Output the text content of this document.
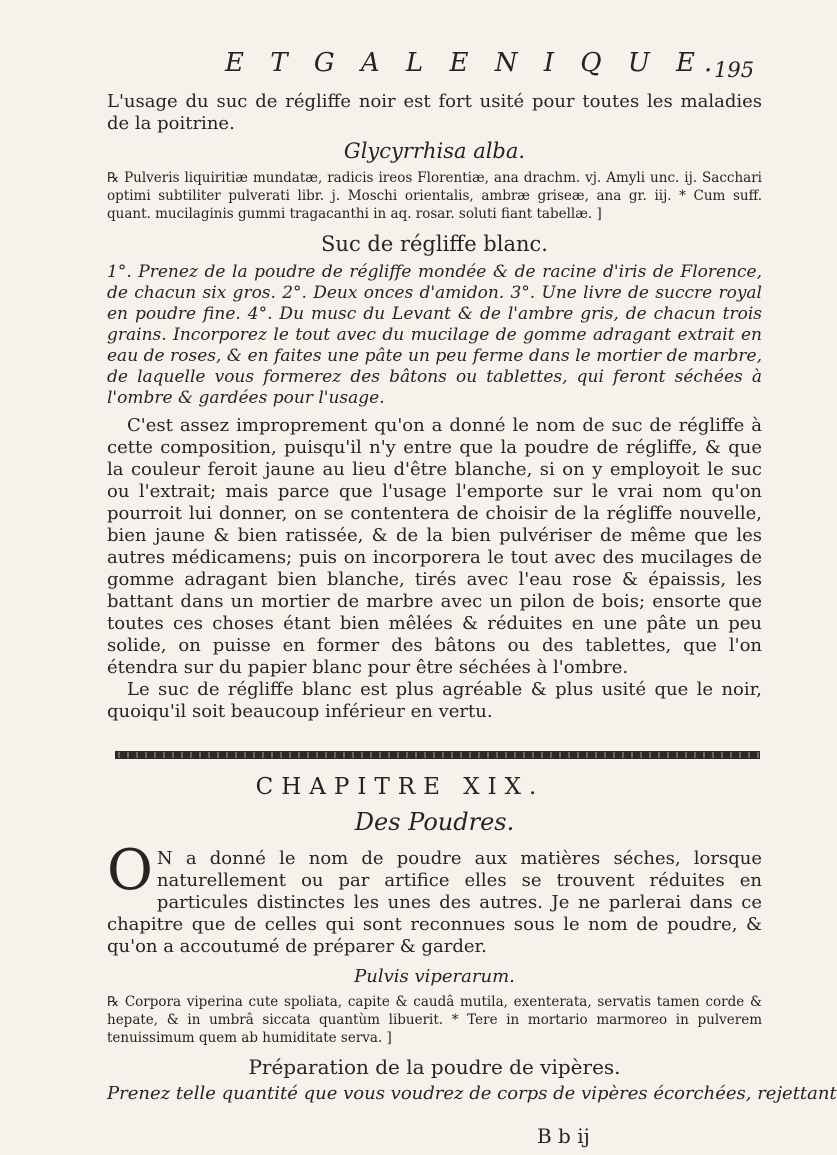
E T G A L E N I Q U E.
195

L'usage du suc de régliffe noir est fort usité pour toutes les maladies de la poitrine.

Glycyrrhisa alba.

℞ Pulveris liquiritiæ mundatæ, radicis ireos Florentiæ, ana drachm. vj. Amyli unc. ij. Sacchari optimi subtiliter pulverati libr. j. Moschi orientalis, ambræ griseæ, ana gr. iij. * Cum suff. quant. mucilaginis gummi tragacanthi in aq. rosar. soluti fiant tabellæ. ]

Suc de régliffe blanc.

1°. Prenez de la poudre de régliffe mondée & de racine d'iris de Florence, de chacun six gros. 2°. Deux onces d'amidon. 3°. Une livre de succre royal en poudre fine. 4°. Du musc du Levant & de l'ambre gris, de chacun trois grains. Incorporez le tout avec du mucilage de gomme adragant extrait en eau de roses, & en faites une pâte un peu ferme dans le mortier de marbre, de laquelle vous formerez des bâtons ou tablettes, qui feront séchées à l'ombre & gardées pour l'usage.

C'est assez improprement qu'on a donné le nom de suc de régliffe à cette composition, puisqu'il n'y entre que la poudre de régliffe, & que la couleur feroit jaune au lieu d'être blanche, si on y employoit le suc ou l'extrait; mais parce que l'usage l'emporte sur le vrai nom qu'on pourroit lui donner, on se contentera de choisir de la régliffe nouvelle, bien jaune & bien ratissée, & de la bien pulvériser de même que les autres médicamens; puis on incorporera le tout avec des mucilages de gomme adragant bien blanche, tirés avec l'eau rose & épaissis, les battant dans un mortier de marbre avec un pilon de bois; ensorte que toutes ces choses étant bien mêlées & réduites en une pâte un peu solide, on puisse en former des bâtons ou des tablettes, que l'on étendra sur du papier blanc pour être séchées à l'ombre.

Le suc de régliffe blanc est plus agréable & plus usité que le noir, quoiqu'il soit beaucoup inférieur en vertu.

CHAPITRE XIX.

Des Poudres.

O N a donné le nom de poudre aux matières séches, lorsque naturellement ou par artifice elles se trouvent réduites en particules distinctes les unes des autres. Je ne parlerai dans ce chapitre que de celles qui sont reconnues sous le nom de poudre, & qu'on a accoutumé de préparer & garder.

Pulvis viperarum.

℞ Corpora viperina cute spoliata, capite & caudâ mutila, exenterata, servatis tamen corde & hepate, & in umbrâ siccata quantùm libuerit. * Tere in mortario marmoreo in pulverem tenuissimum quem ab humiditate serva. ]

Préparation de la poudre de vipères.

Prenez telle quantité que vous voudrez de corps de vipères écorchées, rejettant

B b ij
